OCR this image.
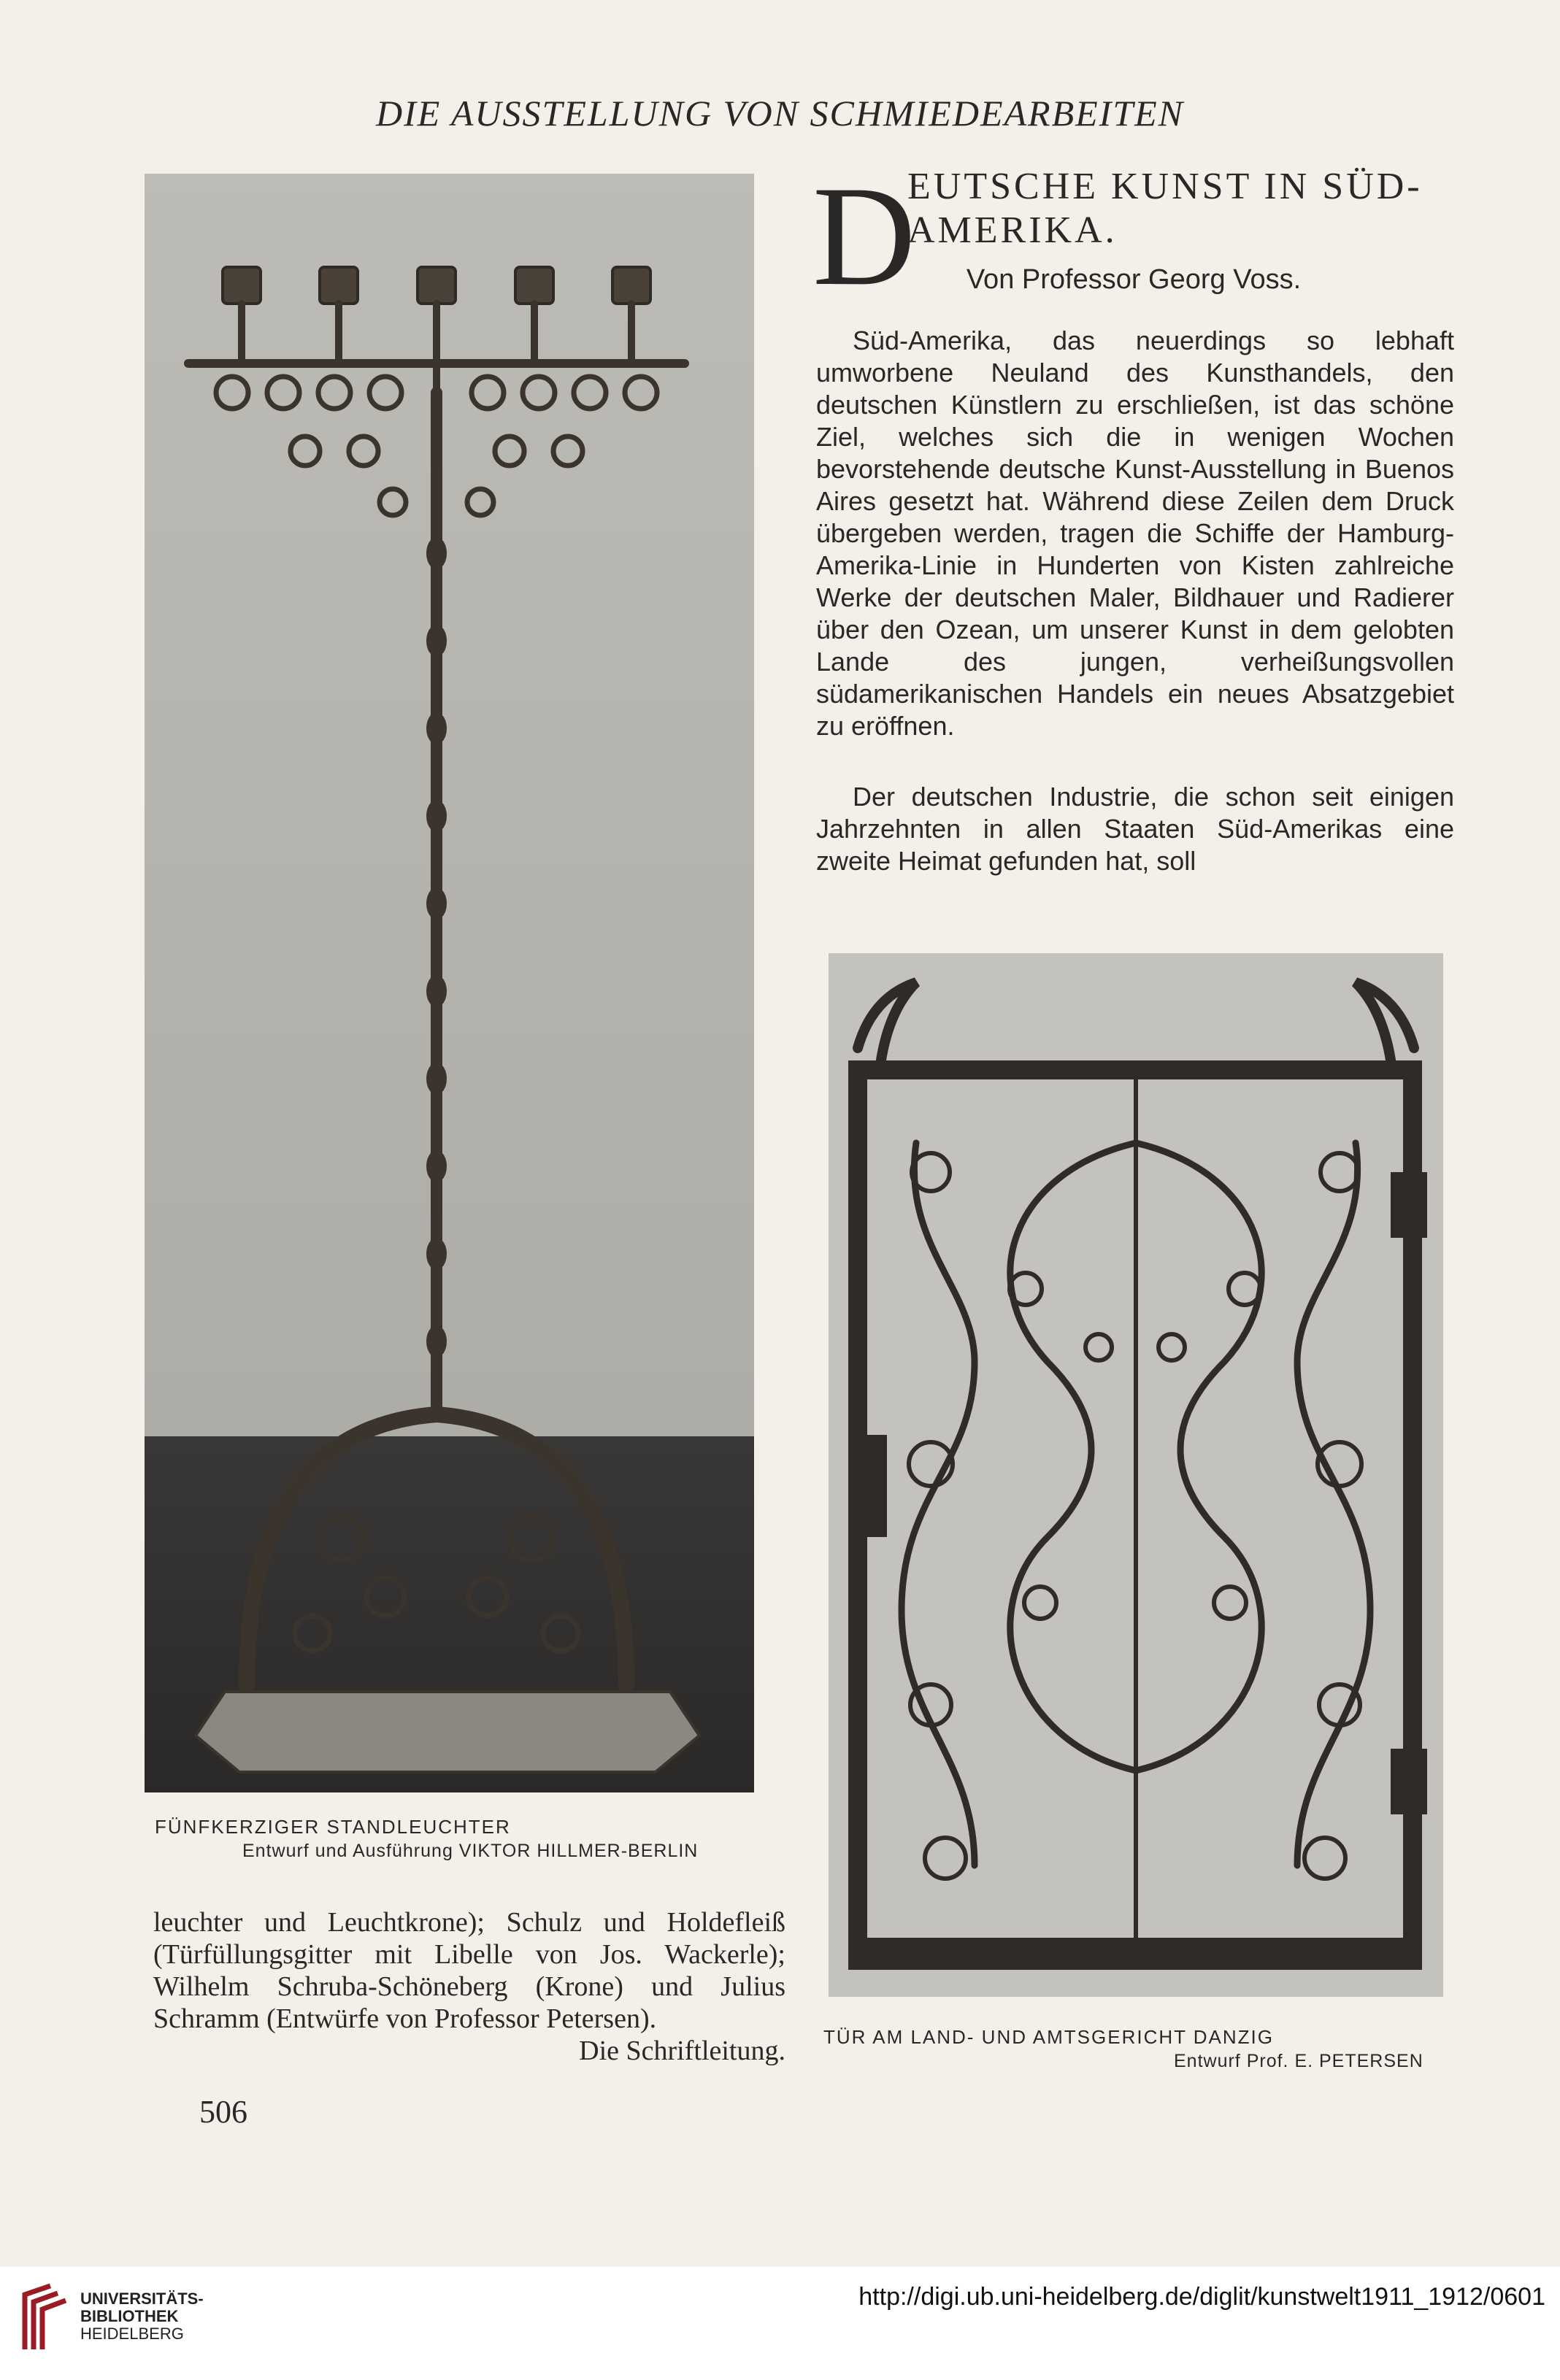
DIE AUSSTELLUNG VON SCHMIEDEARBEITEN
FÜNFKERZIGER STANDLEUCHTER
Entwurf und Ausführung VIKTOR HILLMER-BERLIN
D
EUTSCHE KUNST IN SÜD-
AMERIKA.
Von Professor Georg Voss.
Süd-Amerika, das neuerdings so lebhaft umworbene Neuland des Kunsthandels, den deutschen Künstlern zu erschließen, ist das schöne Ziel, welches sich die in wenigen Wochen bevorstehende deutsche Kunst-Ausstellung in Buenos Aires gesetzt hat. Während diese Zeilen dem Druck übergeben werden, tragen die Schiffe der Hamburg-Amerika-Linie in Hunderten von Kisten zahlreiche Werke der deutschen Maler, Bildhauer und Radierer über den Ozean, um unserer Kunst in dem gelobten Lande des jungen, verheißungsvollen südamerikanischen Handels ein neues Absatzgebiet zu eröffnen.
Der deutschen Industrie, die schon seit einigen Jahrzehnten in allen Staaten Süd-Amerikas eine zweite Heimat gefunden hat, soll
TÜR AM LAND- UND AMTSGERICHT DANZIG
Entwurf Prof. E. PETERSEN
leuchter und Leuchtkrone); Schulz und Holdefleiß (Türfüllungsgitter mit Libelle von Jos. Wackerle); Wilhelm Schruba-Schöneberg (Krone) und Julius Schramm (Entwürfe von Professor Petersen).
Die Schriftleitung.
506
UNIVERSITÄTS-
BIBLIOTHEK
HEIDELBERG
http://digi.ub.uni-heidelberg.de/diglit/kunstwelt1911_1912/0601
